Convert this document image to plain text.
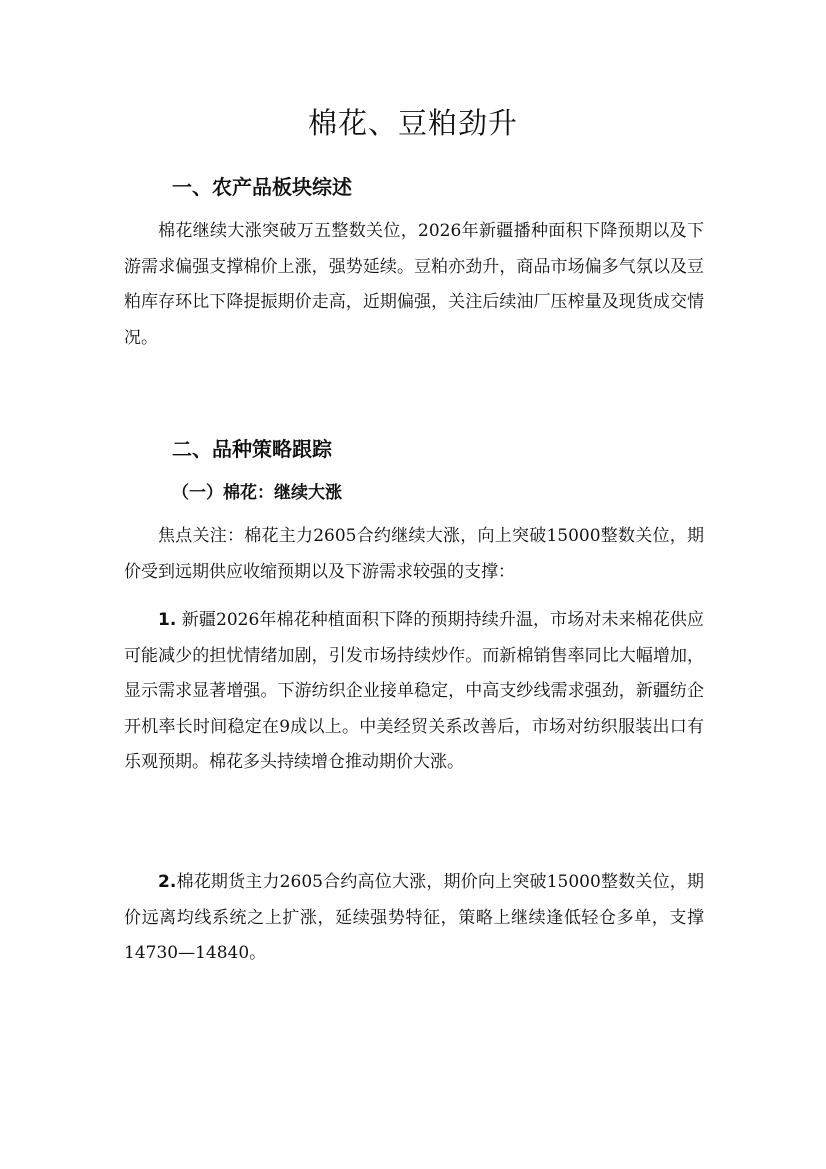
棉花、豆粕劲升
一、农产品板块综述

棉花继续大涨突破万五整数关位，2026年新疆播种面积下降预期以及下游需求偏强支撑棉价上涨，强势延续。豆粕亦劲升，商品市场偏多气氛以及豆粕库存环比下降提振期价走高，近期偏强，关注后续油厂压榨量及现货成交情况。

二、品种策略跟踪
（一）棉花：继续大涨

焦点关注：棉花主力2605合约继续大涨，向上突破15000整数关位，期价受到远期供应收缩预期以及下游需求较强的支撑：

1. 新疆2026年棉花种植面积下降的预期持续升温，市场对未来棉花供应可能减少的担忧情绪加剧，引发市场持续炒作。而新棉销售率同比大幅增加，显示需求显著增强。下游纺织企业接单稳定，中高支纱线需求强劲，新疆纺企开机率长时间稳定在9成以上。中美经贸关系改善后，市场对纺织服装出口有乐观预期。棉花多头持续增仓推动期价大涨。

2.棉花期货主力2605合约高位大涨，期价向上突破15000整数关位，期价远离均线系统之上扩涨，延续强势特征，策略上继续逢低轻仓多单，支撑14730—14840。
